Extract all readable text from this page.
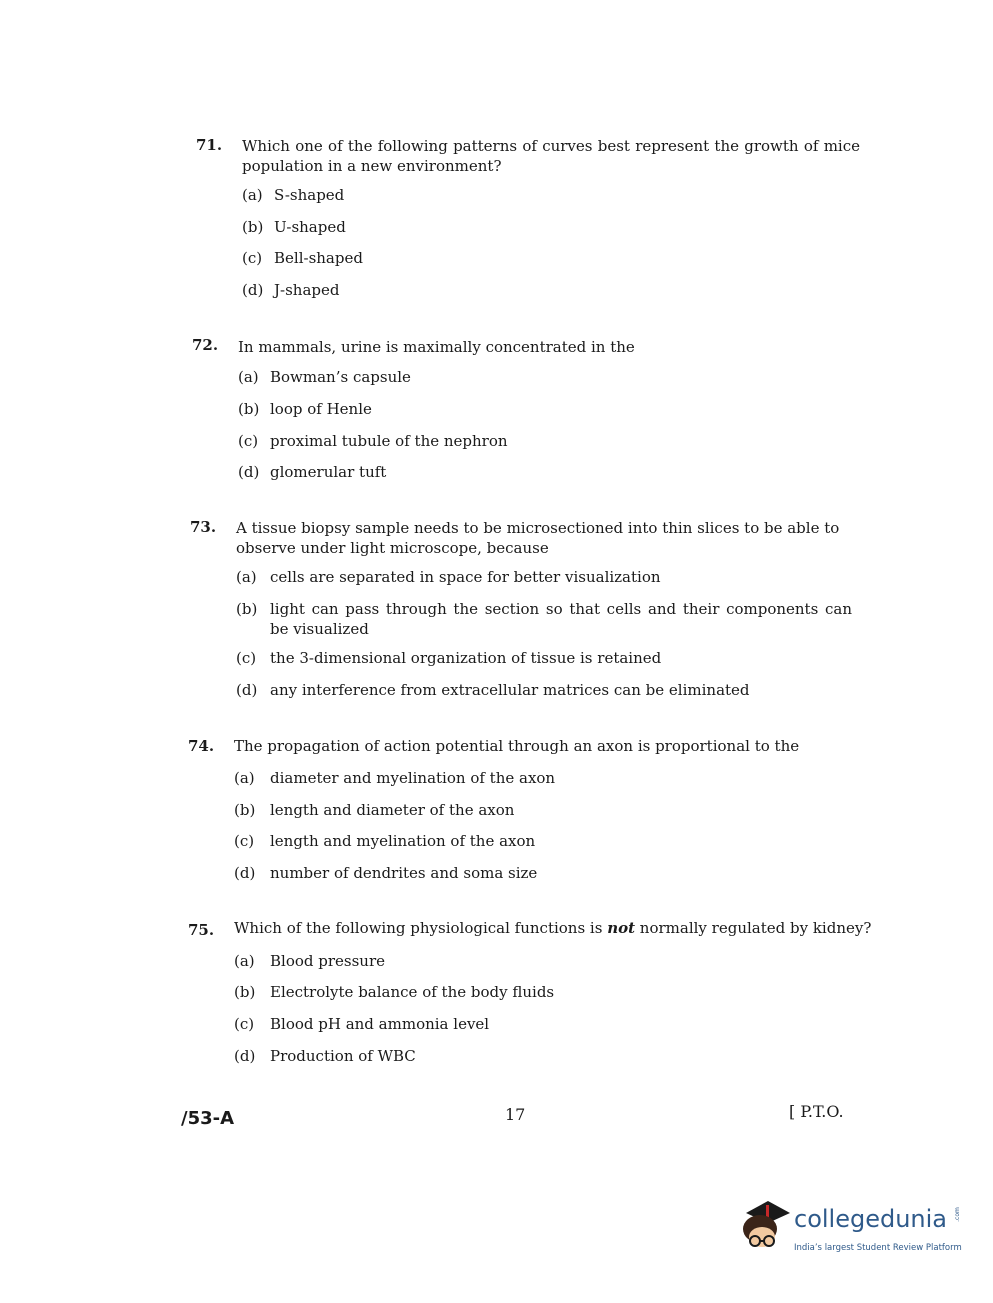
71. Which one of the following patterns of curves best represent the growth of mice population in a new environment?
(a) S-shaped
(b) U-shaped
(c) Bell-shaped
(d) J-shaped
72. In mammals, urine is maximally concentrated in the
(a) Bowman’s capsule
(b) loop of Henle
(c) proximal tubule of the nephron
(d) glomerular tuft
73. A tissue biopsy sample needs to be microsectioned into thin slices to be able to observe under light microscope, because
(a) cells are separated in space for better visualization
(b) light can pass through the section so that cells and their components can be visualized
(c) the 3-dimensional organization of tissue is retained
(d) any interference from extracellular matrices can be eliminated
74. The propagation of action potential through an axon is proportional to the
(a) diameter and myelination of the axon
(b) length and diameter of the axon
(c) length and myelination of the axon
(d) number of dendrites and soma size
75. Which of the following physiological functions is not normally regulated by kidney?
(a) Blood pressure
(b) Electrolyte balance of the body fluids
(c) Blood pH and ammonia level
(d) Production of WBC
/53-A	17	[ P.T.O.
collegedunia .com
India’s largest Student Review Platform
